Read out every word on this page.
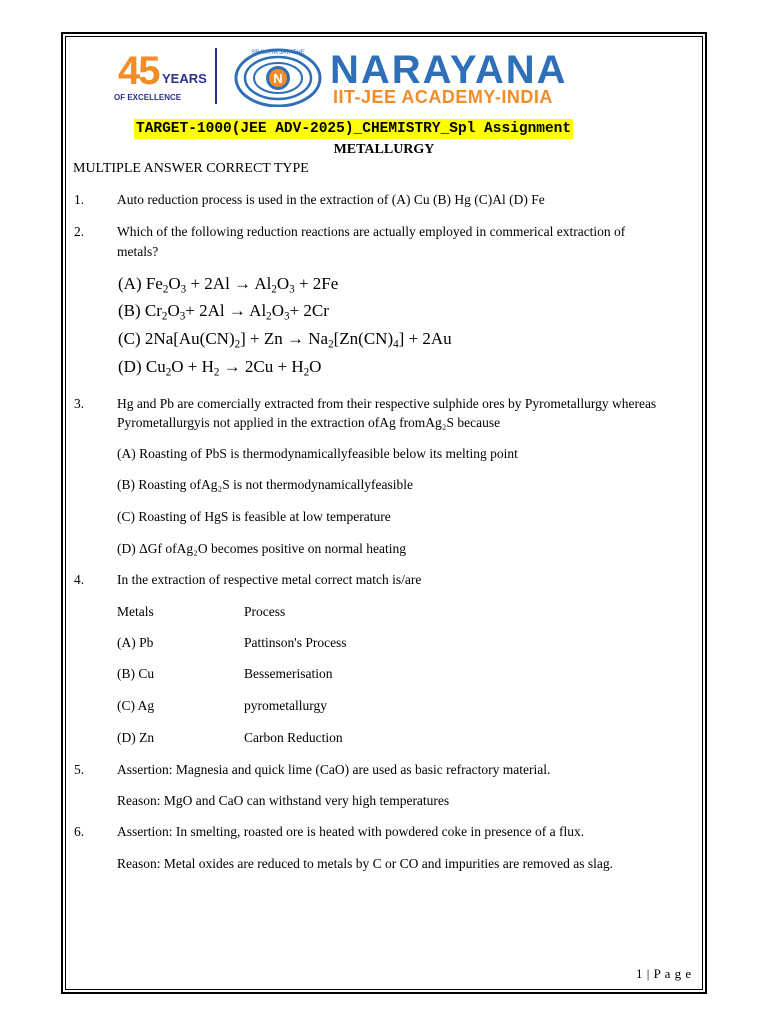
45 YEARS
OF EXCELLENCE
N
SRAVAYA JAYATHE NARAYANA
IIT-JEE ACADEMY-INDIA
TARGET-1000(JEE ADV-2025)_CHEMISTRY_Spl Assignment
METALLURGY
MULTIPLE ANSWER CORRECT TYPE
1. Auto reduction process is used in the extraction of (A) Cu (B) Hg (C)Al (D) Fe
2. Which of the following reduction reactions are actually employed in commerical extraction of
metals?
(A) $Fe_2O_3 + 2Al \to Al_2O_3 + 2Fe$
(B) $Cr_2O_3+ 2Al \to Al_2O_3+ 2Cr$
(C) $2Na[Au(CN)_2] + Zn \to Na_2[Zn(CN)_4] + 2Au$
(D) $Cu_2O + H_2 \to 2Cu + H_2O$
3. Hg and Pb are comercially extracted from their respective sulphide ores by Pyrometallurgy whereas
Pyrometallurgyis not applied in the extraction ofAg fromAg₂S because
(A) Roasting of PbS is thermodynamicallyfeasible below its melting point
(B) Roasting ofAg₂S is not thermodynamicallyfeasible
(C) Roasting of HgS is feasible at low temperature
(D) ΔGf ofAg₂O becomes positive on normal heating
4. In the extraction of respective metal correct match is/are
Metals	Process
(A) Pb	Pattinson's Process
(B) Cu	Bessemerisation
(C) Ag	pyrometallurgy
(D) Zn	Carbon Reduction
5. Assertion: Magnesia and quick lime (CaO) are used as basic refractory material.
Reason: MgO and CaO can withstand very high temperatures
6. Assertion: In smelting, roasted ore is heated with powdered coke in presence of a flux.
Reason: Metal oxides are reduced to metals by C or CO and impurities are removed as slag.
1 | P a g e
